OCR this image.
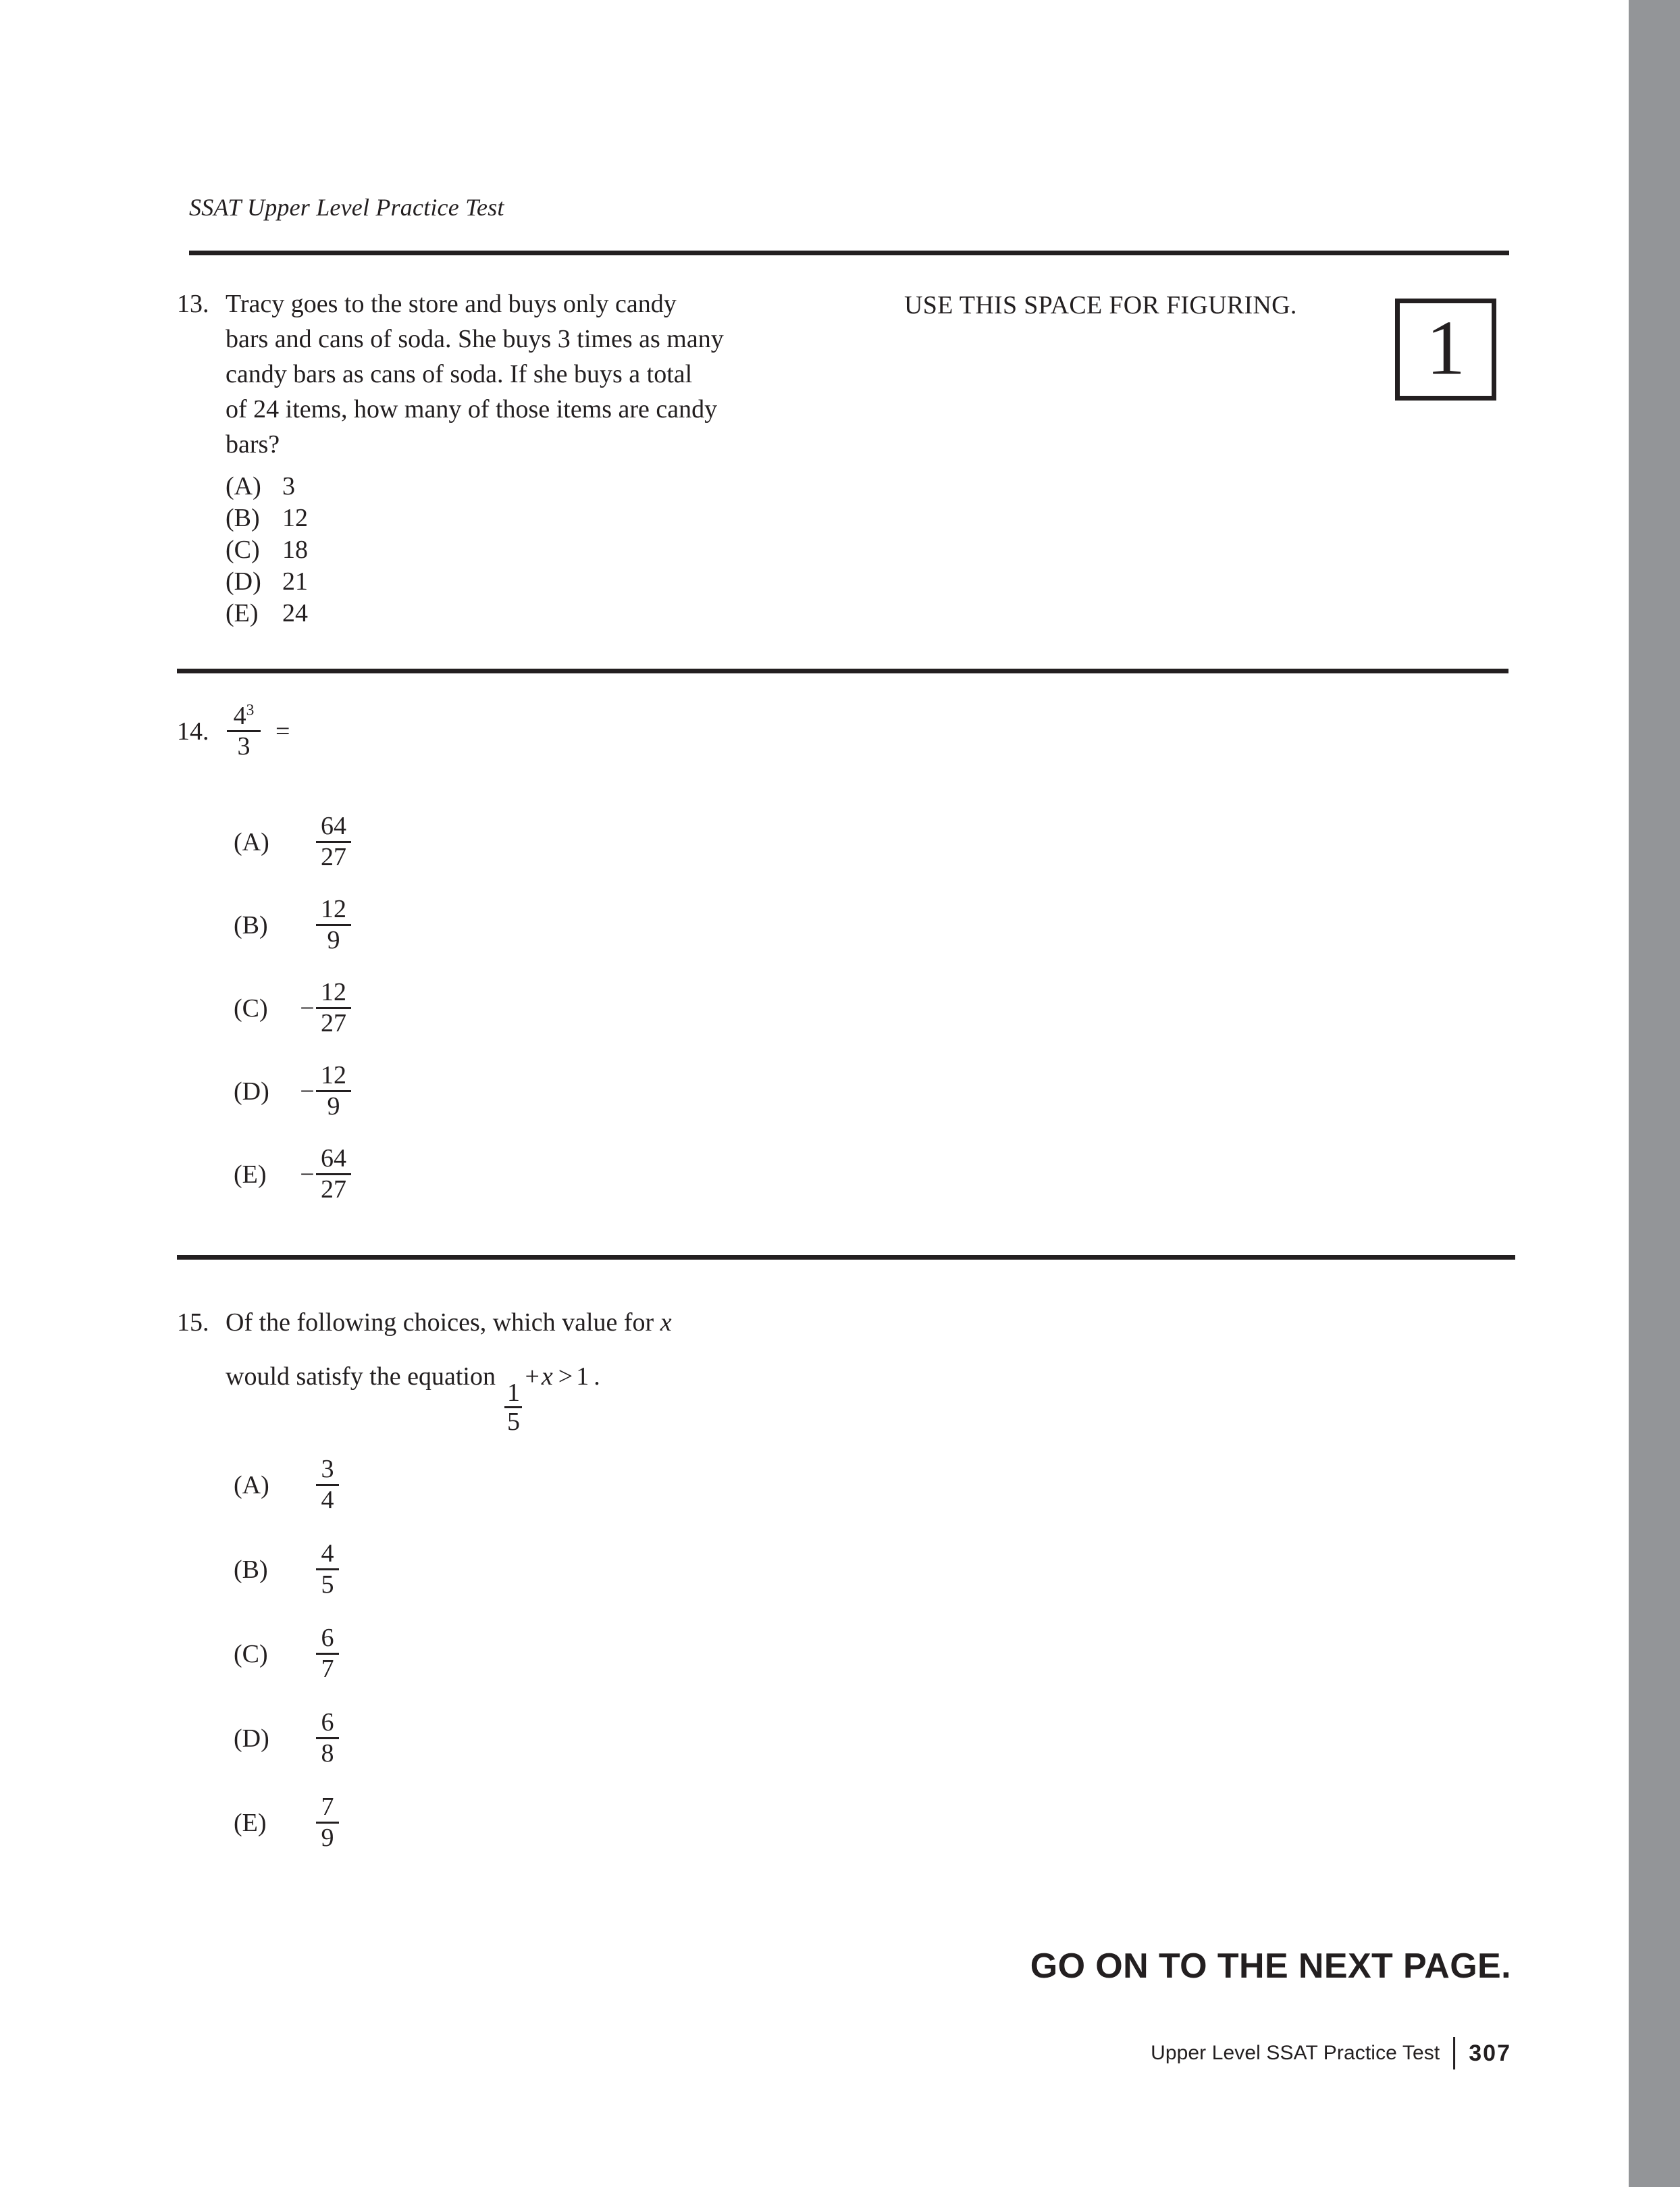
SSAT Upper Level Practice Test
USE THIS SPACE FOR FIGURING.	1
13. Tracy goes to the store and buys only candy

bars and cans of soda. She buys 3 times as many

candy bars as cans of soda. If she buys a total

of 24 items, how many of those items are candy

bars?

(A) 3
(B) 12
(C) 18
(D) 21
(E) 24
14. $\frac{4^3}{3}$ =
(A)	$\frac{64}{27}$
(B)	$\frac{12}{9}$
(C)	− $\frac{12}{27}$
(D)	− $\frac{12}{9}$
(E)	− $\frac{64}{27}$
15. Of the following choices, which value for x

would satisfy the equation
$\frac{1}{5}$
+x > 1 .

(A)	$\frac{3}{4}$
(B)	$\frac{4}{5}$
(C)	$\frac{6}{7}$
(D)	$\frac{6}{8}$
(E)	$\frac{7}{9}$
GO ON TO THE NEXT PAGE.
Upper Level SSAT Practice Test 307
